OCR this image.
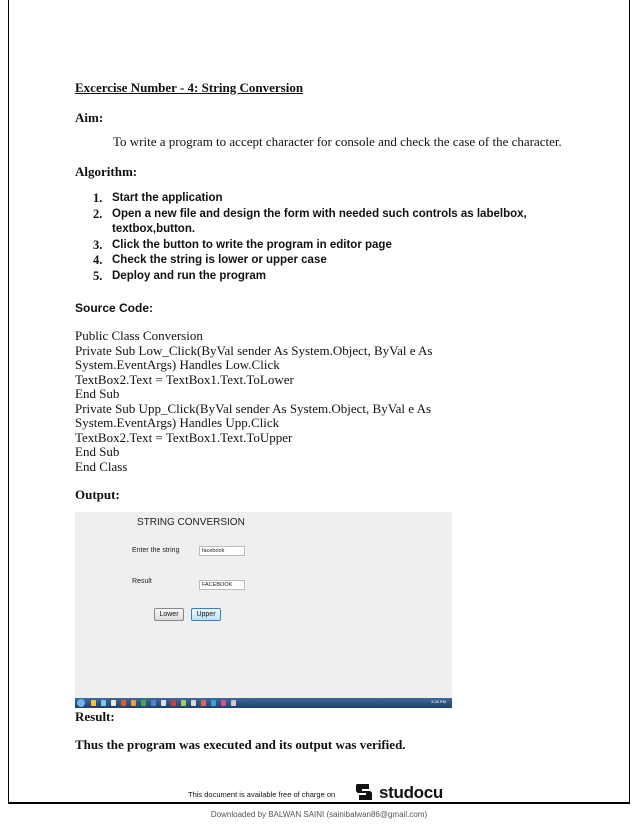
Excercise Number - 4: String Conversion
Aim:
To write a program to accept character for console and check the case of the character.
Algorithm:
1. Start the application
2. Open a new file and design the form with needed such controls as labelbox, textbox,button.
3. Click the button to write the program in editor page
4. Check the string is lower or upper case
5. Deploy and run the program
Source Code:
Public Class Conversion
Private Sub Low_Click(ByVal sender As System.Object, ByVal e As
System.EventArgs) Handles Low.Click
TextBox2.Text = TextBox1.Text.ToLower
End Sub
Private Sub Upp_Click(ByVal sender As System.Object, ByVal e As
System.EventArgs) Handles Upp.Click
TextBox2.Text = TextBox1.Text.ToUpper
End Sub
End Class
Output:
STRING CONVERSION
Enter the string	facebook
Result	FACEBOOK
Lower	Upper
3:36 PM
Result:
Thus the program was executed and its output was verified.
This document is available free of charge on	studocu
Downloaded by BALWAN SAINI (sainibalwan86@gmail.com)
